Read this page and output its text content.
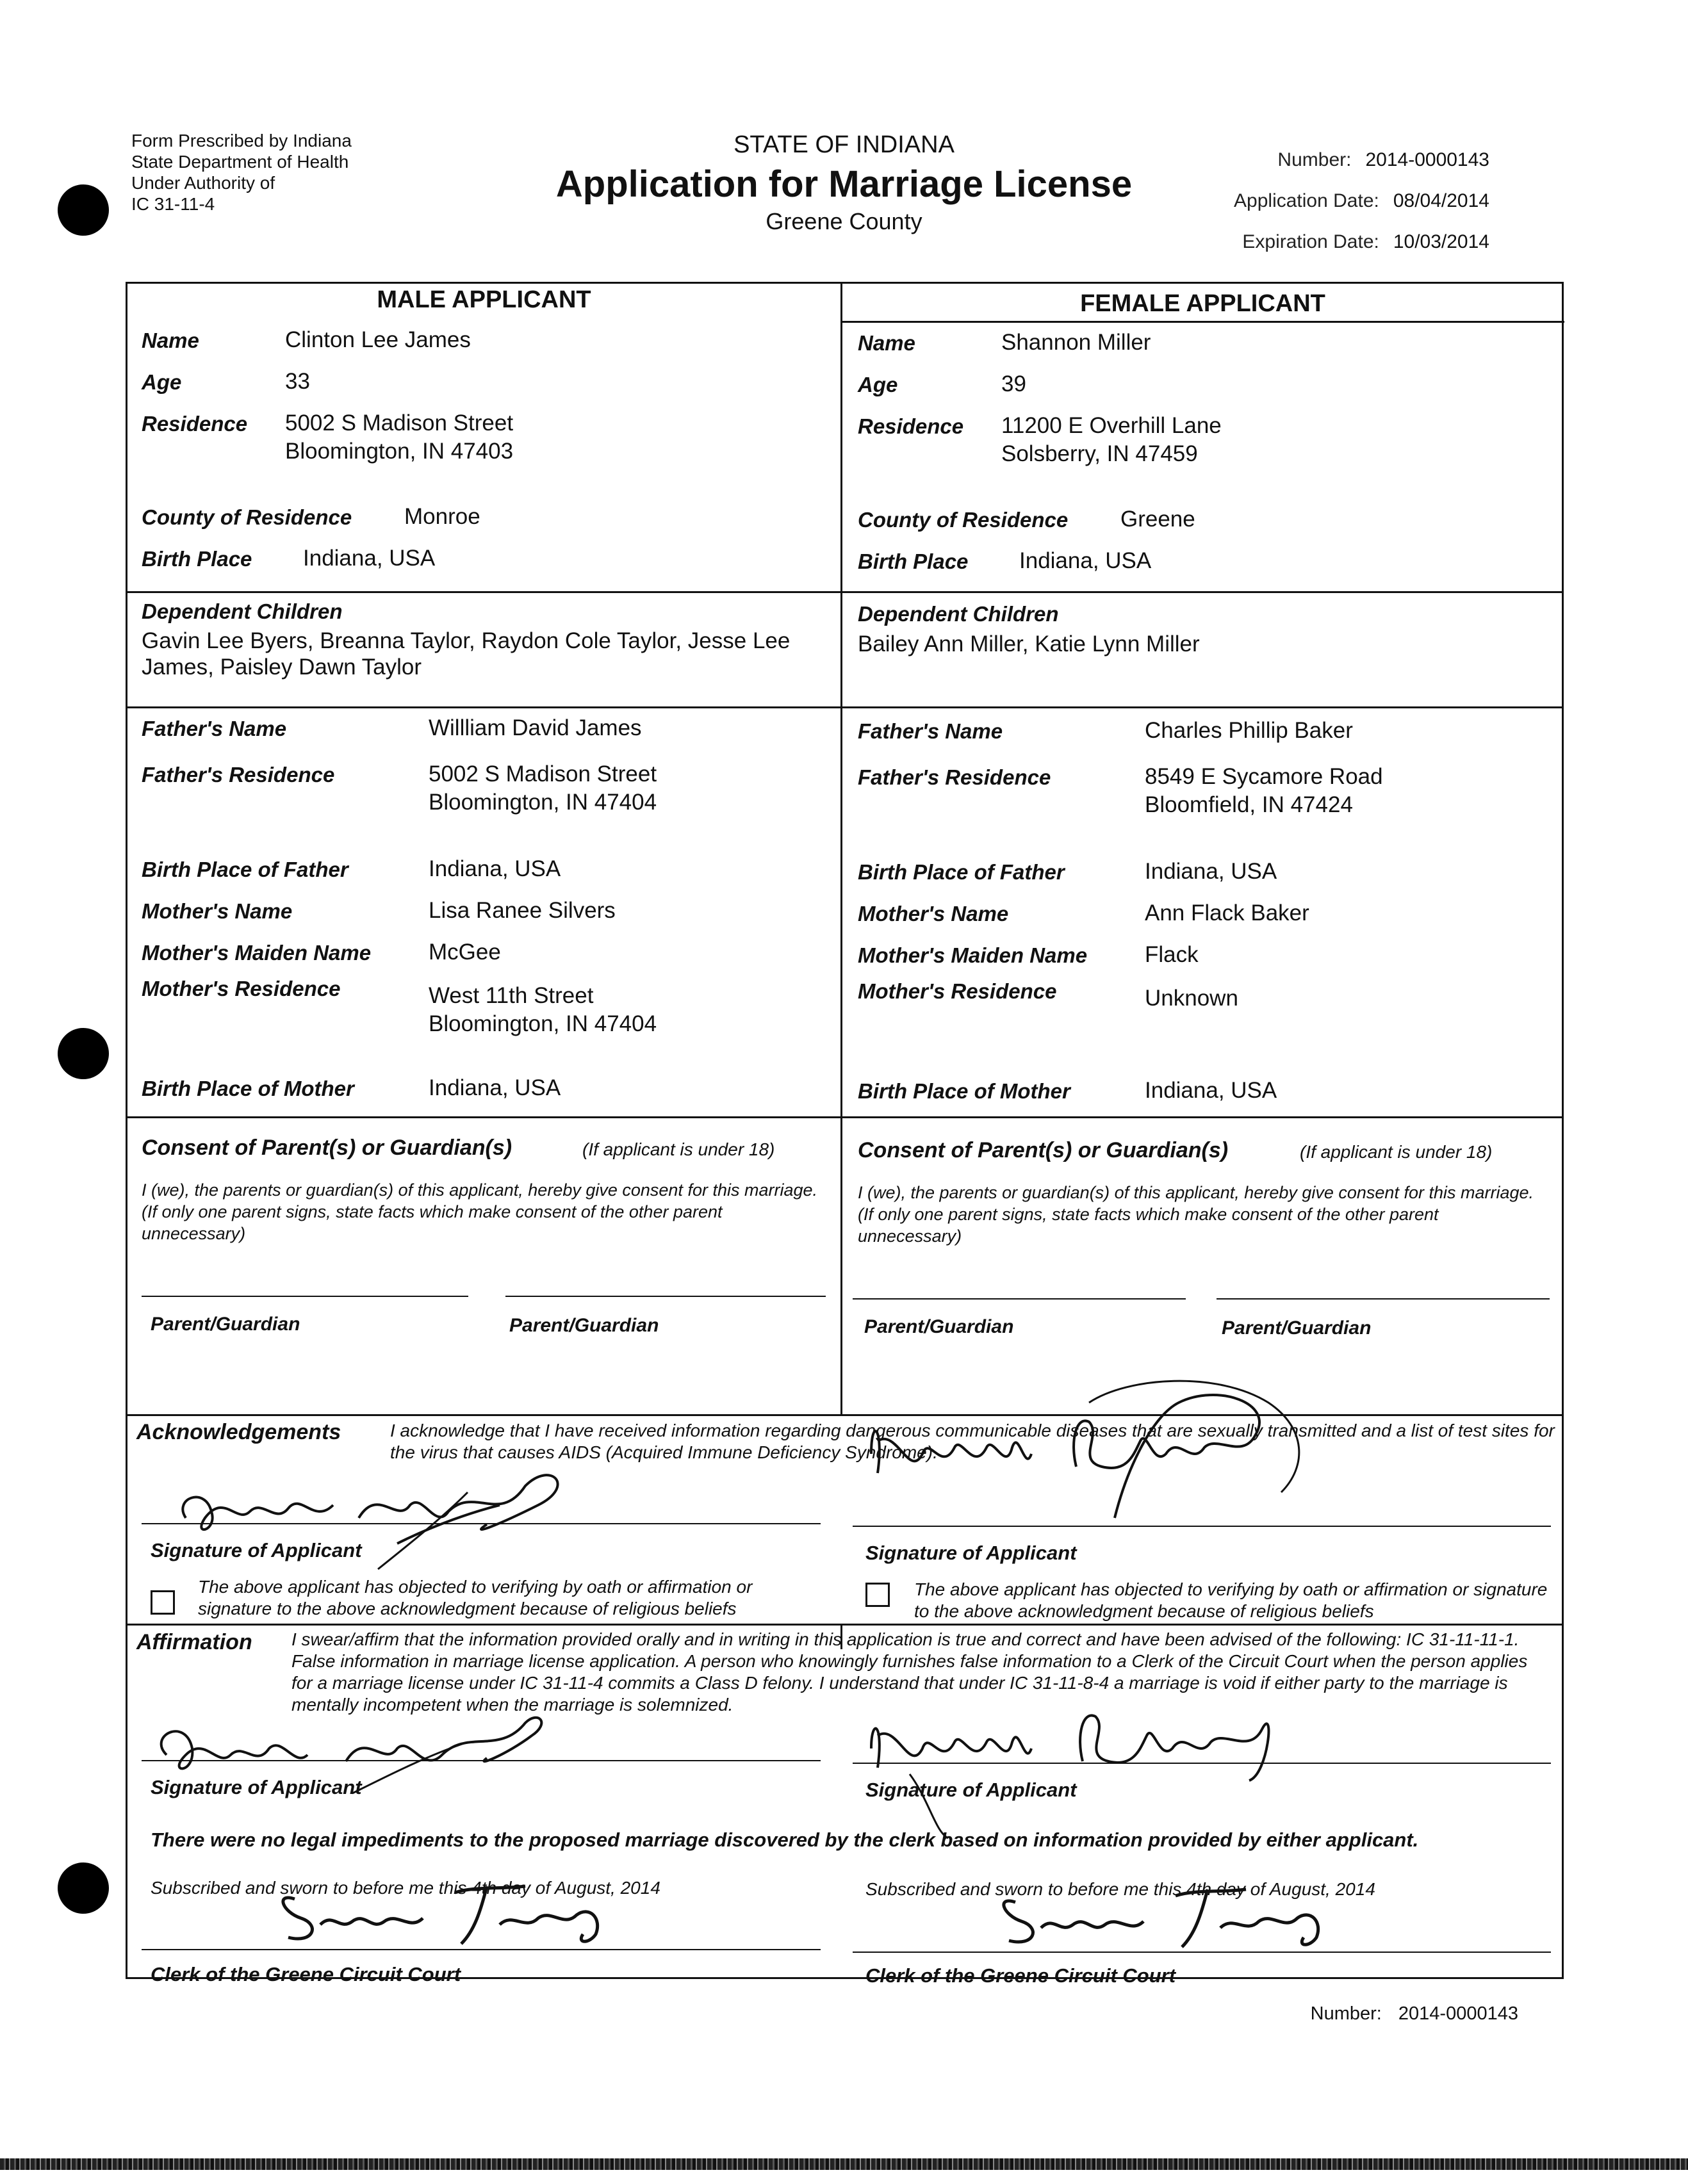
Form Prescribed by Indiana
State Department of Health
Under Authority of
IC 31-11-4
STATE OF INDIANA
Application for Marriage License
Greene County
Number: 2014-0000143
Application Date: 08/04/2014
Expiration Date: 10/03/2014
MALE APPLICANT	FEMALE APPLICANT
Name	Clinton Lee James
Age	33
Residence 5002 S Madison Street
Bloomington, IN 47403
County of Residence Monroe
Birth Place Indiana, USA
Dependent Children
Gavin Lee Byers, Breanna Taylor, Raydon Cole Taylor, Jesse Lee James, Paisley Dawn Taylor
Father's Name	Willliam David James
Father's Residence	5002 S Madison Street
Bloomington, IN 47404
Birth Place of Father	Indiana, USA
Mother's Name	Lisa Ranee Silvers
Mother's Maiden Name	McGee
Mother's Residence	West 11th Street
Bloomington, IN 47404
Birth Place of Mother	Indiana, USA
Name	Shannon Miller
Age	39
Residence 11200 E Overhill Lane
Solsberry, IN 47459
County of Residence Greene
Birth Place Indiana, USA
Dependent Children
Bailey Ann Miller, Katie Lynn Miller
Father's Name	Charles Phillip Baker
Father's Residence	8549 E Sycamore Road
Bloomfield, IN 47424
Birth Place of Father	Indiana, USA
Mother's Name	Ann Flack Baker
Mother's Maiden Name	Flack
Mother's Residence	Unknown
Birth Place of Mother	Indiana, USA
Consent of Parent(s) or Guardian(s)	(If applicant is under 18)
I (we), the parents or guardian(s) of this applicant, hereby give consent for this marriage. (If only one parent signs, state facts which make consent of the other parent unnecessary)
Parent/Guardian	Parent/Guardian
Consent of Parent(s) or Guardian(s)	(If applicant is under 18)
I (we), the parents or guardian(s) of this applicant, hereby give consent for this marriage. (If only one parent signs, state facts which make consent of the other parent unnecessary)
Parent/Guardian	Parent/Guardian
Acknowledgements	I acknowledge that I have received information regarding dangerous communicable diseases that are sexually transmitted and a list of test sites for the virus that causes AIDS (Acquired Immune Deficiency Syndrome).
Signature of Applicant
The above applicant has objected to verifying by oath or affirmation or signature to the above acknowledgment because of religious beliefs
Signature of Applicant
The above applicant has objected to verifying by oath or affirmation or signature to the above acknowledgment because of religious beliefs
Affirmation I swear/affirm that the information provided orally and in writing in this application is true and correct and have been advised of the following: IC 31-11-11-1. False information in marriage license application. A person who knowingly furnishes false information to a Clerk of the Circuit Court when the person applies for a marriage license under IC 31-11-4 commits a Class D felony. I understand that under IC 31-11-8-4 a marriage is void if either party to the marriage is mentally incompetent when the marriage is solemnized.
Signature of Applicant	Signature of Applicant
There were no legal impediments to the proposed marriage discovered by the clerk based on information provided by either applicant.
Subscribed and sworn to before me this 4th day of August, 2014
Clerk of the Greene Circuit Court
Subscribed and sworn to before me this 4th day of August, 2014
Clerk of the Greene Circuit Court
Number: 2014-0000143
